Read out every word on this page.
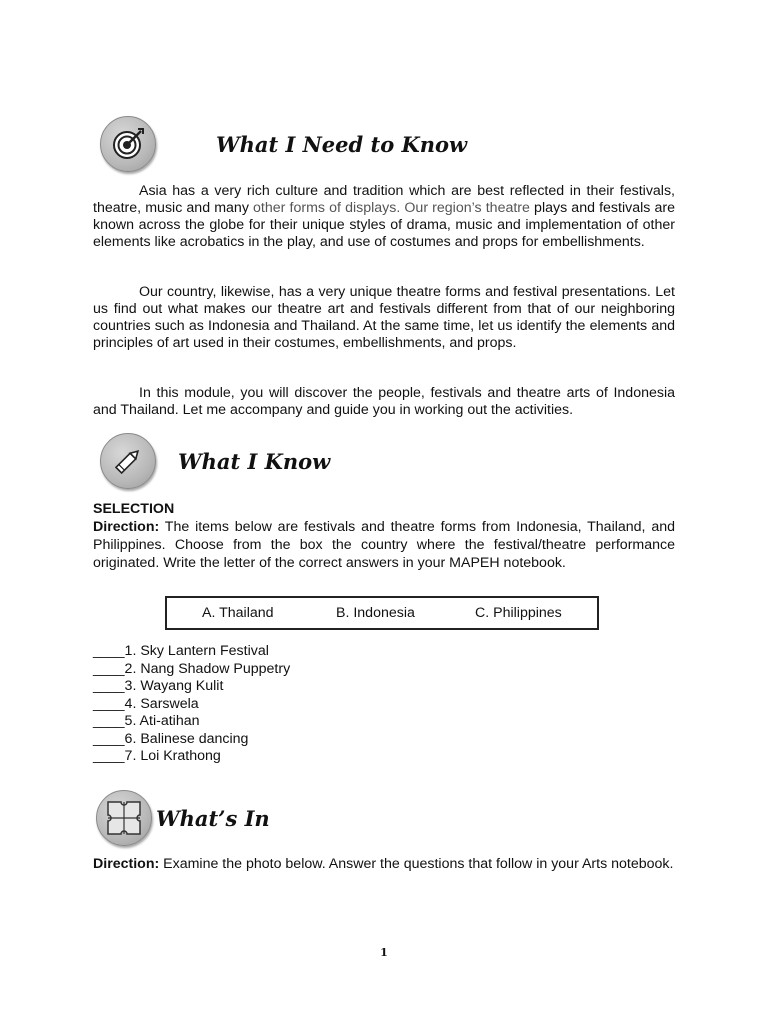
What I Need to Know

Asia has a very rich culture and tradition which are best reflected in their festivals, theatre, music and many other forms of displays. Our region’s theatre plays and festivals are known across the globe for their unique styles of drama, music and implementation of other elements like acrobatics in the play, and use of costumes and props for embellishments.

Our country, likewise, has a very unique theatre forms and festival presentations. Let us find out what makes our theatre art and festivals different from that of our neighboring countries such as Indonesia and Thailand. At the same time, let us identify the elements and principles of art used in their costumes, embellishments, and props.

In this module, you will discover the people, festivals and theatre arts of Indonesia and Thailand. Let me accompany and guide you in working out the activities.

What I Know
SELECTION

Direction: The items below are festivals and theatre forms from Indonesia, Thailand, and Philippines. Choose from the box the country where the festival/theatre performance originated. Write the letter of the correct answers in your MAPEH notebook.

A. Thailand	B. Indonesia	C. Philippines
____1. Sky Lantern Festival
____2. Nang Shadow Puppetry
____3. Wayang Kulit
____4. Sarswela
____5. Ati-atihan
____6. Balinese dancing
____7. Loi Krathong
What’s In

Direction: Examine the photo below. Answer the questions that follow in your Arts notebook.

1
